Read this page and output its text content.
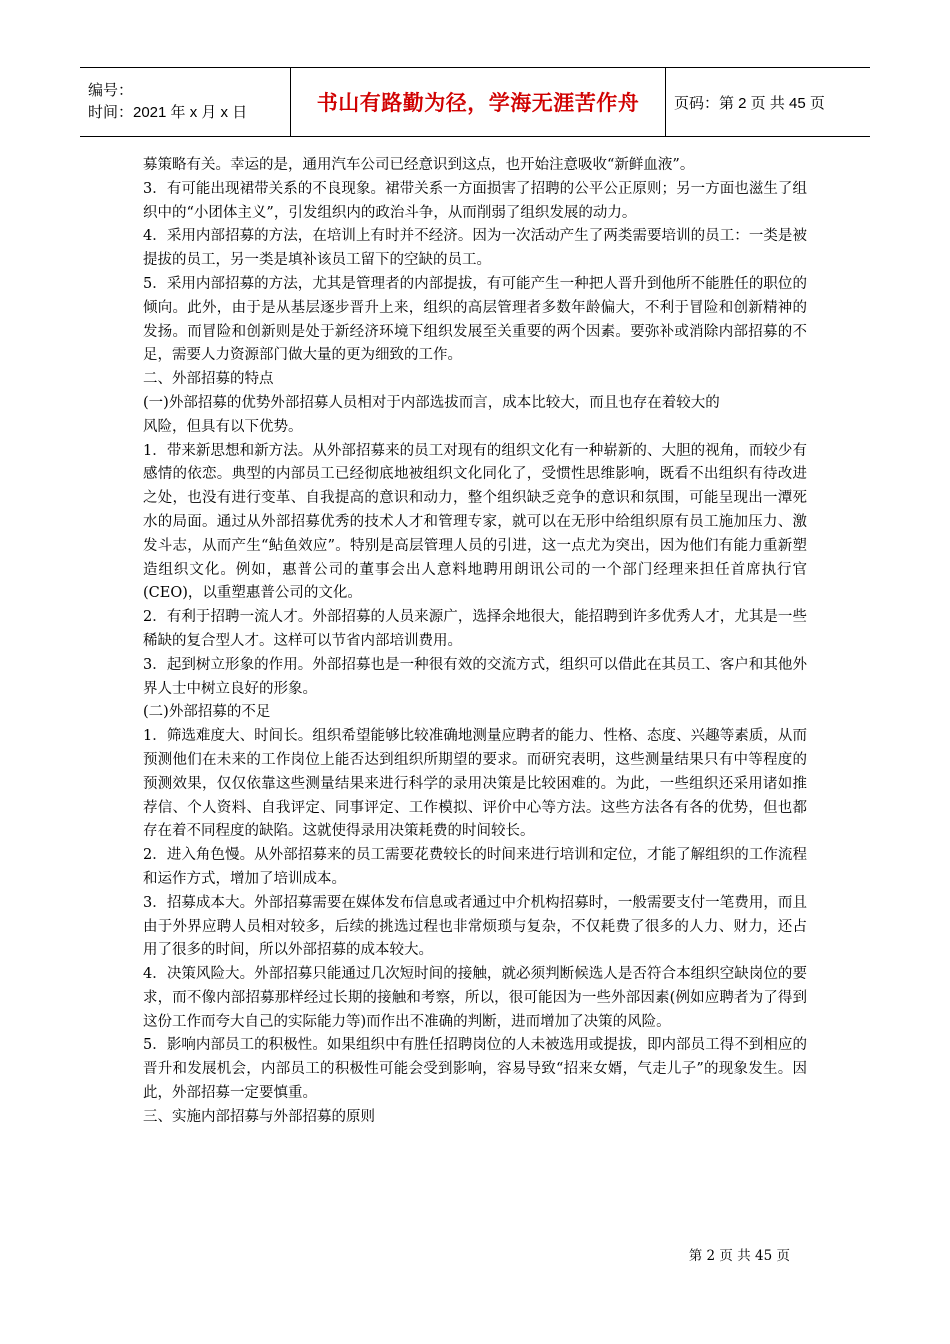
编号：
时间：2021 年 x 月 x 日	书山有路勤为径，学海无涯苦作舟	页码：第 2 页 共 45 页

募策略有关。幸运的是，通用汽车公司已经意识到这点，也开始注意吸收“新鲜血液”。

3．有可能出现裙带关系的不良现象。裙带关系一方面损害了招聘的公平公正原则；另一方面也滋生了组织中的“小团体主义”，引发组织内的政治斗争，从而削弱了组织发展的动力。

4．采用内部招募的方法，在培训上有时并不经济。因为一次活动产生了两类需要培训的员工：一类是被提拔的员工，另一类是填补该员工留下的空缺的员工。

5．采用内部招募的方法，尤其是管理者的内部提拔，有可能产生一种把人晋升到他所不能胜任的职位的倾向。此外，由于是从基层逐步晋升上来，组织的高层管理者多数年龄偏大，不利于冒险和创新精神的发扬。而冒险和创新则是处于新经济环境下组织发展至关重要的两个因素。要弥补或消除内部招募的不足，需要人力资源部门做大量的更为细致的工作。

二、外部招募的特点

(一)外部招募的优势外部招募人员相对于内部选拔而言，成本比较大，而且也存在着较大的

风险，但具有以下优势。

1．带来新思想和新方法。从外部招募来的员工对现有的组织文化有一种崭新的、大胆的视角，而较少有感情的依恋。典型的内部员工已经彻底地被组织文化同化了，受惯性思维影响，既看不出组织有待改进之处，也没有进行变革、自我提高的意识和动力，整个组织缺乏竞争的意识和氛围，可能呈现出一潭死水的局面。通过从外部招募优秀的技术人才和管理专家，就可以在无形中给组织原有员工施加压力、激发斗志，从而产生“鲇鱼效应”。特别是高层管理人员的引进，这一点尤为突出，因为他们有能力重新塑造组织文化。例如，惠普公司的董事会出人意料地聘用朗讯公司的一个部门经理来担任首席执行官(CEO)，以重塑惠普公司的文化。

2．有利于招聘一流人才。外部招募的人员来源广，选择余地很大，能招聘到许多优秀人才，尤其是一些稀缺的复合型人才。这样可以节省内部培训费用。

3．起到树立形象的作用。外部招募也是一种很有效的交流方式，组织可以借此在其员工、客户和其他外界人士中树立良好的形象。

(二)外部招募的不足

1．筛选难度大、时间长。组织希望能够比较准确地测量应聘者的能力、性格、态度、兴趣等素质，从而预测他们在未来的工作岗位上能否达到组织所期望的要求。而研究表明，这些测量结果只有中等程度的预测效果，仅仅依靠这些测量结果来进行科学的录用决策是比较困难的。为此，一些组织还采用诸如推荐信、个人资料、自我评定、同事评定、工作模拟、评价中心等方法。这些方法各有各的优势，但也都存在着不同程度的缺陷。这就使得录用决策耗费的时间较长。

2．进入角色慢。从外部招募来的员工需要花费较长的时间来进行培训和定位，才能了解组织的工作流程和运作方式，增加了培训成本。

3．招募成本大。外部招募需要在媒体发布信息或者通过中介机构招募时，一般需要支付一笔费用，而且由于外界应聘人员相对较多，后续的挑选过程也非常烦琐与复杂，不仅耗费了很多的人力、财力，还占用了很多的时间，所以外部招募的成本较大。

4．决策风险大。外部招募只能通过几次短时间的接触，就必须判断候选人是否符合本组织空缺岗位的要求，而不像内部招募那样经过长期的接触和考察，所以，很可能因为一些外部因素(例如应聘者为了得到这份工作而夸大自己的实际能力等)而作出不准确的判断，进而增加了决策的风险。

5．影响内部员工的积极性。如果组织中有胜任招聘岗位的人未被选用或提拔，即内部员工得不到相应的晋升和发展机会，内部员工的积极性可能会受到影响，容易导致“招来女婿，气走儿子”的现象发生。因此，外部招募一定要慎重。

三、实施内部招募与外部招募的原则

第 2 页 共 45 页
